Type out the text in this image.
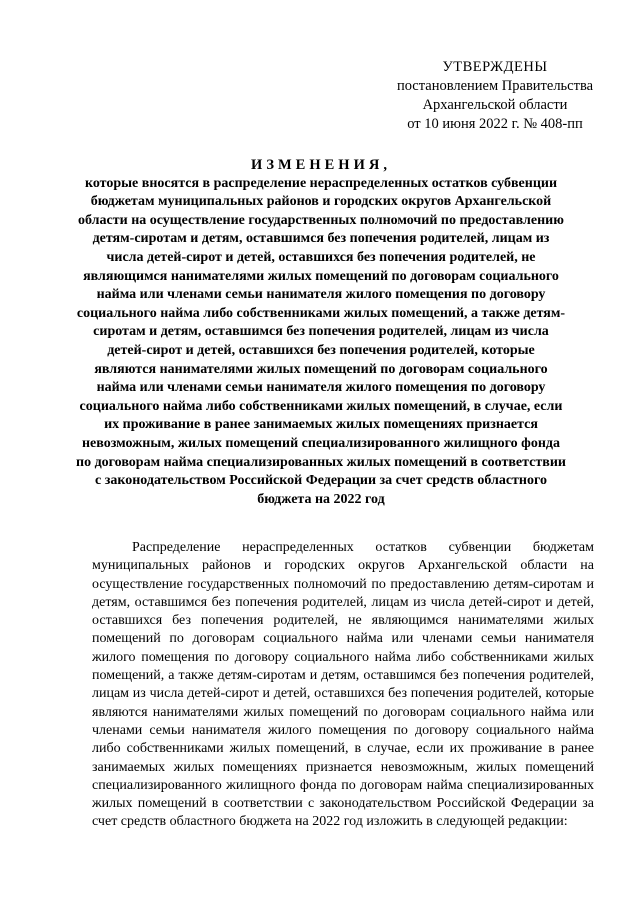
УТВЕРЖДЕНЫ
постановлением Правительства
Архангельской области
от 10 июня 2022 г. № 408-пп
ИЗМЕНЕНИЯ,
которые вносятся в распределение нераспределенных остатков субвенции бюджетам муниципальных районов и городских округов Архангельской области на осуществление государственных полномочий по предоставлению детям-сиротам и детям, оставшимся без попечения родителей, лицам из числа детей-сирот и детей, оставшихся без попечения родителей, не являющимся нанимателями жилых помещений по договорам социального найма или членами семьи нанимателя жилого помещения по договору социального найма либо собственниками жилых помещений, а также детям-сиротам и детям, оставшимся без попечения родителей, лицам из числа детей-сирот и детей, оставшихся без попечения родителей, которые являются нанимателями жилых помещений по договорам социального найма или членами семьи нанимателя жилого помещения по договору социального найма либо собственниками жилых помещений, в случае, если их проживание в ранее занимаемых жилых помещениях признается невозможным, жилых помещений специализированного жилищного фонда по договорам найма специализированных жилых помещений в соответствии с законодательством Российской Федерации за счет средств областного бюджета на 2022 год

Распределение нераспределенных остатков субвенции бюджетам муниципальных районов и городских округов Архангельской области на осуществление государственных полномочий по предоставлению детям-сиротам и детям, оставшимся без попечения родителей, лицам из числа детей-сирот и детей, оставшихся без попечения родителей, не являющимся нанимателями жилых помещений по договорам социального найма или членами семьи нанимателя жилого помещения по договору социального найма либо собственниками жилых помещений, а также детям-сиротам и детям, оставшимся без попечения родителей, лицам из числа детей-сирот и детей, оставшихся без попечения родителей, которые являются нанимателями жилых помещений по договорам социального найма или членами семьи нанимателя жилого помещения по договору социального найма либо собственниками жилых помещений, в случае, если их проживание в ранее занимаемых жилых помещениях признается невозможным, жилых помещений специализированного жилищного фонда по договорам найма специализированных жилых помещений в соответствии с законодательством Российской Федерации за счет средств областного бюджета на 2022 год изложить в следующей редакции:
